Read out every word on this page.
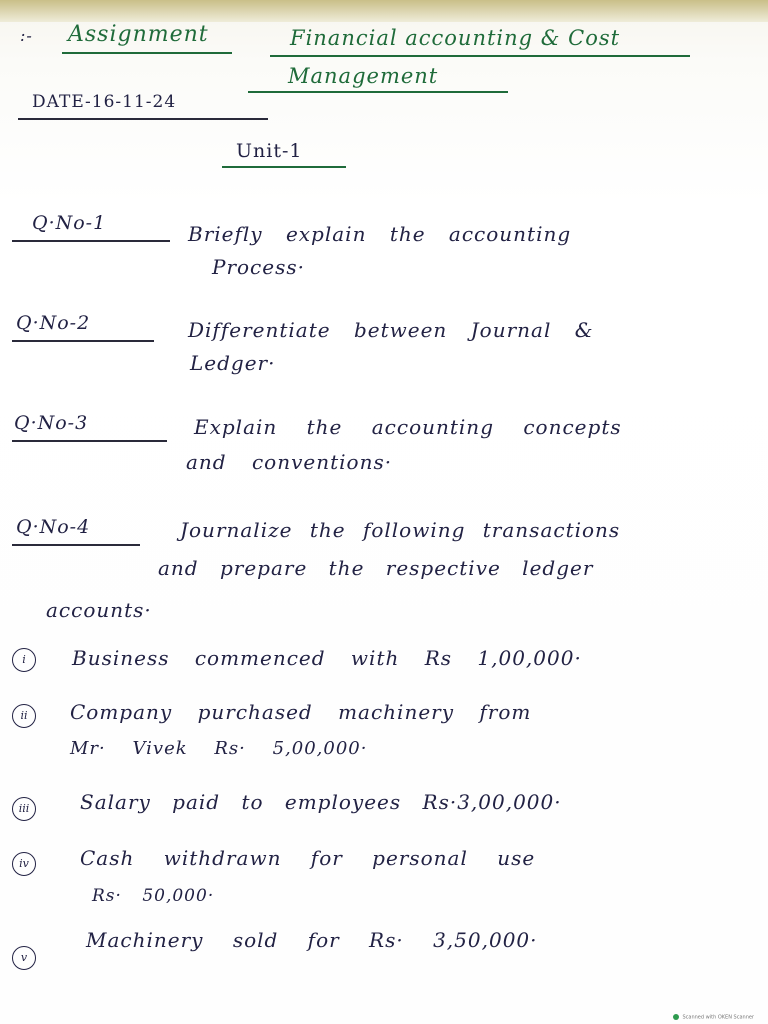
:- Assignment	Financial accounting & Cost
Management
DATE-16-11-24
Unit-1
Q·No-1	Briefly explain the accounting
Process·
Q·No-2	Differentiate between Journal &
Ledger·
Q·No-3	Explain the accounting concepts
and conventions·
Q·No-4	Journalize the following transactions
and prepare the respective ledger
accounts·
i	Business commenced with Rs 1,00,000·
ii	Company purchased machinery from
Mr· Vivek Rs· 5,00,000·
iii	Salary paid to employees Rs·3,00,000·
iv	Cash withdrawn for personal use
Rs· 50,000·
v
Machinery sold for Rs· 3,50,000·
Scanned with OKEN Scanner
